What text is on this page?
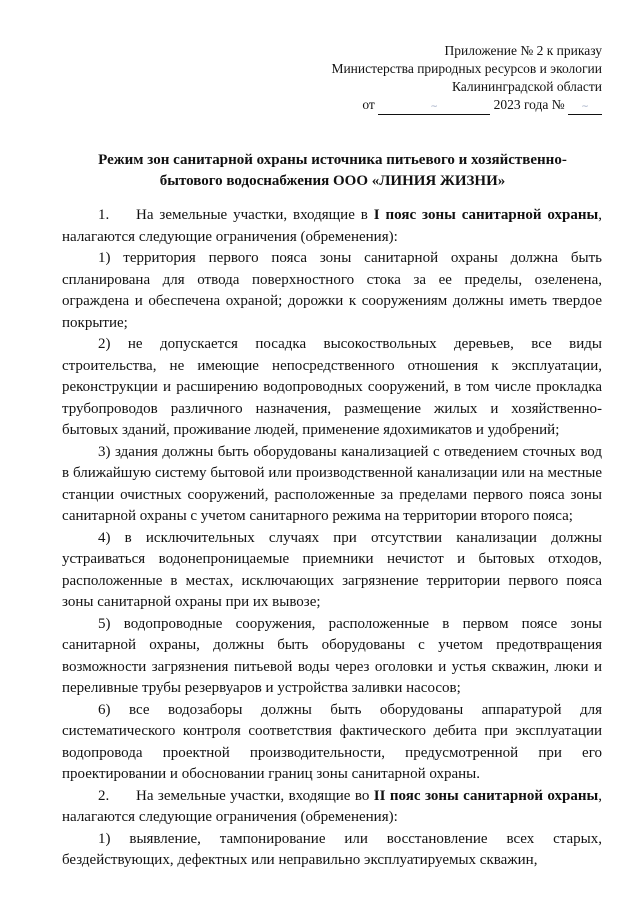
Приложение № 2 к приказу
Министерства природных ресурсов и экологии
Калининградской области
от	~	2023 года № ~
Режим зон санитарной охраны источника питьевого и хозяйственно-
бытового водоснабжения ООО «ЛИНИЯ ЖИЗНИ»

1. На земельные участки, входящие в I пояс зоны санитарной охраны, налагаются следующие ограничения (обременения):

1) территория первого пояса зоны санитарной охраны должна быть спланирована для отвода поверхностного стока за ее пределы, озеленена, ограждена и обеспечена охраной; дорожки к сооружениям должны иметь твердое покрытие;

2) не допускается посадка высокоствольных деревьев, все виды строительства, не имеющие непосредственного отношения к эксплуатации, реконструкции и расширению водопроводных сооружений, в том числе прокладка трубопроводов различного назначения, размещение жилых и хозяйственно-бытовых зданий, проживание людей, применение ядохимикатов и удобрений;

3) здания должны быть оборудованы канализацией с отведением сточных вод в ближайшую систему бытовой или производственной канализации или на местные станции очистных сооружений, расположенные за пределами первого пояса зоны санитарной охраны с учетом санитарного режима на территории второго пояса;

4) в исключительных случаях при отсутствии канализации должны устраиваться водонепроницаемые приемники нечистот и бытовых отходов, расположенные в местах, исключающих загрязнение территории первого пояса зоны санитарной охраны при их вывозе;

5) водопроводные сооружения, расположенные в первом поясе зоны санитарной охраны, должны быть оборудованы с учетом предотвращения возможности загрязнения питьевой воды через оголовки и устья скважин, люки и переливные трубы резервуаров и устройства заливки насосов;

6) все водозаборы должны быть оборудованы аппаратурой для систематического контроля соответствия фактического дебита при эксплуатации водопровода проектной производительности, предусмотренной при его проектировании и обосновании границ зоны санитарной охраны.

2. На земельные участки, входящие во II пояс зоны санитарной охраны, налагаются следующие ограничения (обременения):

1) выявление, тампонирование или восстановление всех старых, бездействующих, дефектных или неправильно эксплуатируемых скважин,
